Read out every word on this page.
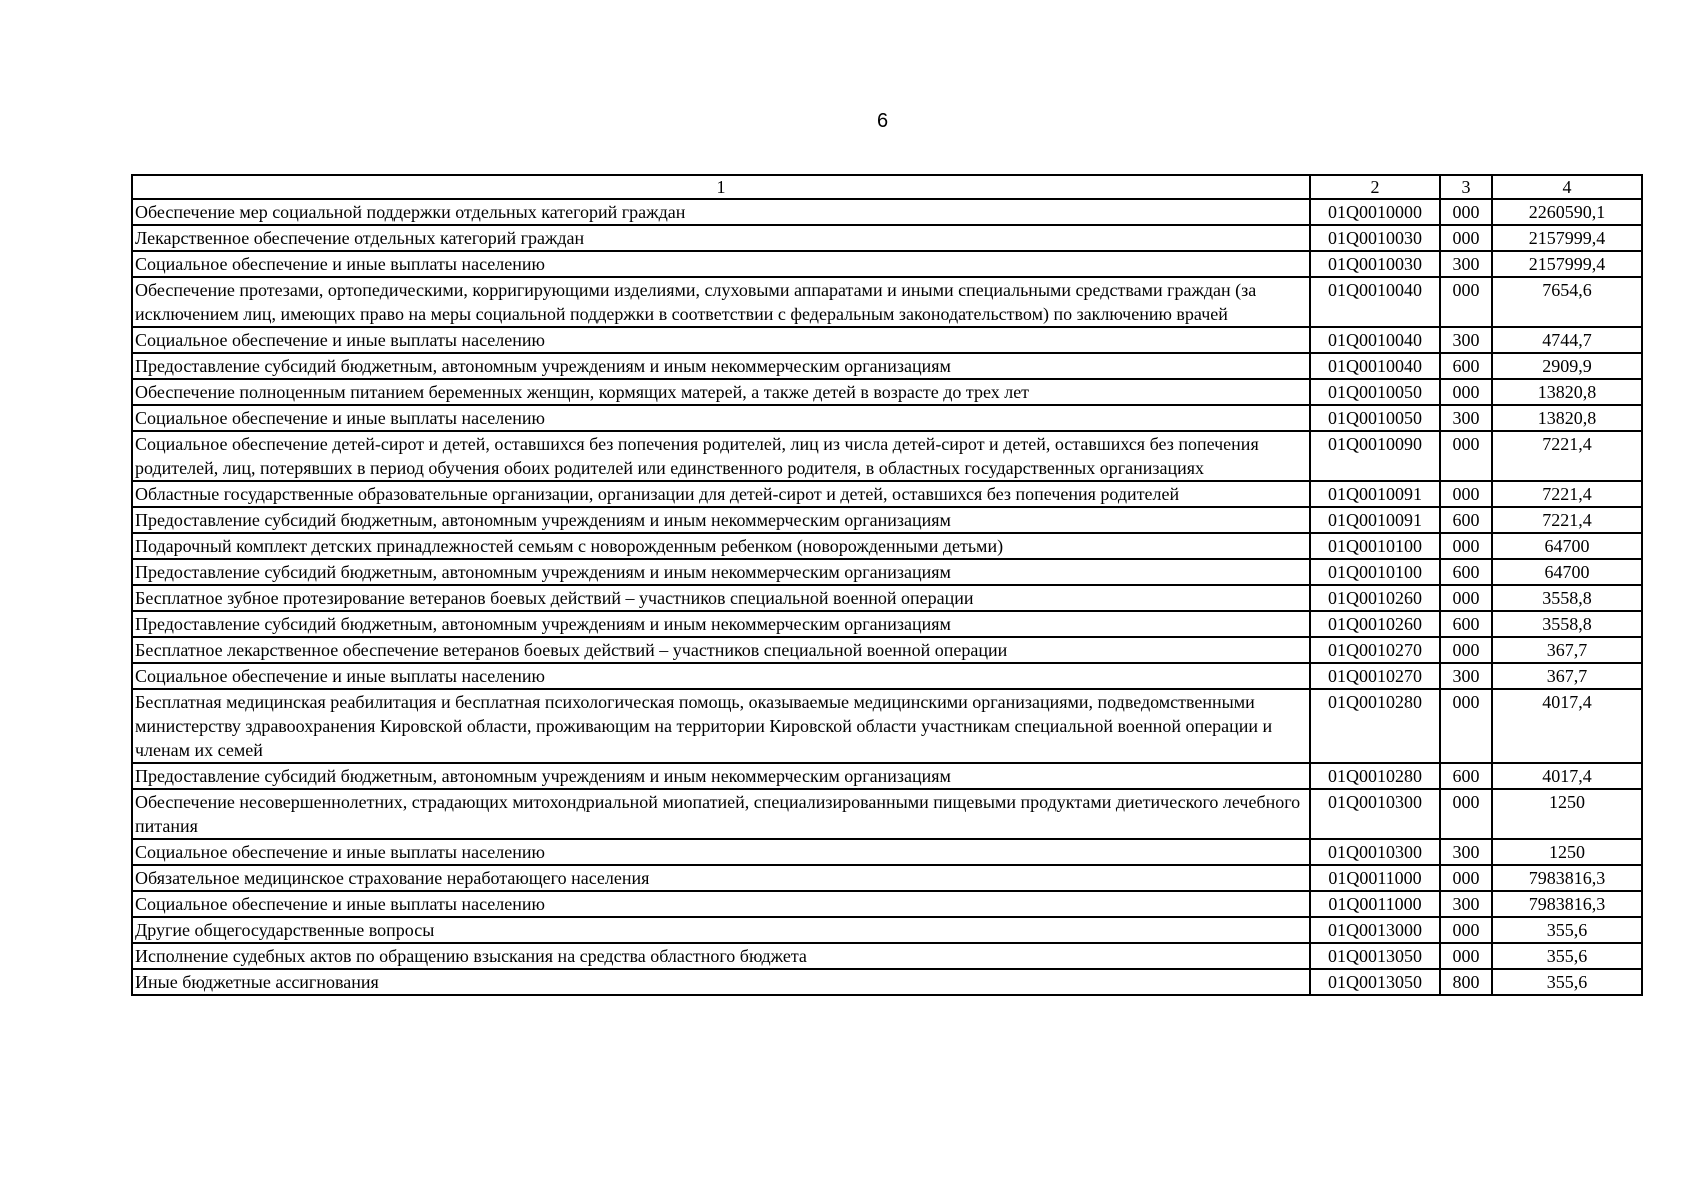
6
1	2	3	4
Обеспечение мер социальной поддержки отдельных категорий граждан	01Q0010000	000	2260590,1
Лекарственное обеспечение отдельных категорий граждан	01Q0010030	000	2157999,4
Социальное обеспечение и иные выплаты населению	01Q0010030	300	2157999,4
Обеспечение протезами, ортопедическими, корригирующими изделиями, слуховыми аппаратами и иными специальными средствами граждан (за исключением лиц, имеющих право на меры социальной поддержки в соответствии с федеральным законодательством) по заключению врачей	01Q0010040	000	7654,6
Социальное обеспечение и иные выплаты населению	01Q0010040	300	4744,7
Предоставление субсидий бюджетным, автономным учреждениям и иным некоммерческим организациям	01Q0010040	600	2909,9
Обеспечение полноценным питанием беременных женщин, кормящих матерей, а также детей в возрасте до трех лет	01Q0010050	000	13820,8
Социальное обеспечение и иные выплаты населению	01Q0010050	300	13820,8
Социальное обеспечение детей-сирот и детей, оставшихся без попечения родителей, лиц из числа детей-сирот и детей, оставшихся без попечения родителей, лиц, потерявших в период обучения обоих родителей или единственного родителя, в областных государственных организациях	01Q0010090	000	7221,4
Областные государственные образовательные организации, организации для детей-сирот и детей, оставшихся без попечения родителей	01Q0010091	000	7221,4
Предоставление субсидий бюджетным, автономным учреждениям и иным некоммерческим организациям	01Q0010091	600	7221,4
Подарочный комплект детских принадлежностей семьям с новорожденным ребенком (новорожденными детьми)	01Q0010100	000	64700
Предоставление субсидий бюджетным, автономным учреждениям и иным некоммерческим организациям	01Q0010100	600	64700
Бесплатное зубное протезирование ветеранов боевых действий – участников специальной военной операции	01Q0010260	000	3558,8
Предоставление субсидий бюджетным, автономным учреждениям и иным некоммерческим организациям	01Q0010260	600	3558,8
Бесплатное лекарственное обеспечение ветеранов боевых действий – участников специальной военной операции	01Q0010270	000	367,7
Социальное обеспечение и иные выплаты населению	01Q0010270	300	367,7
Бесплатная медицинская реабилитация и бесплатная психологическая помощь, оказываемые медицинскими организациями, подведомственными министерству здравоохранения Кировской области, проживающим на территории Кировской области участникам специальной военной операции и членам их семей	01Q0010280	000	4017,4
Предоставление субсидий бюджетным, автономным учреждениям и иным некоммерческим организациям	01Q0010280	600	4017,4
Обеспечение несовершеннолетних, страдающих митохондриальной миопатией, специализированными пищевыми продуктами диетического лечебного питания	01Q0010300	000	1250
Социальное обеспечение и иные выплаты населению	01Q0010300	300	1250
Обязательное медицинское страхование неработающего населения	01Q0011000	000	7983816,3
Социальное обеспечение и иные выплаты населению	01Q0011000	300	7983816,3
Другие общегосударственные вопросы	01Q0013000	000	355,6
Исполнение судебных актов по обращению взыскания на средства областного бюджета	01Q0013050	000	355,6
Иные бюджетные ассигнования	01Q0013050	800	355,6
